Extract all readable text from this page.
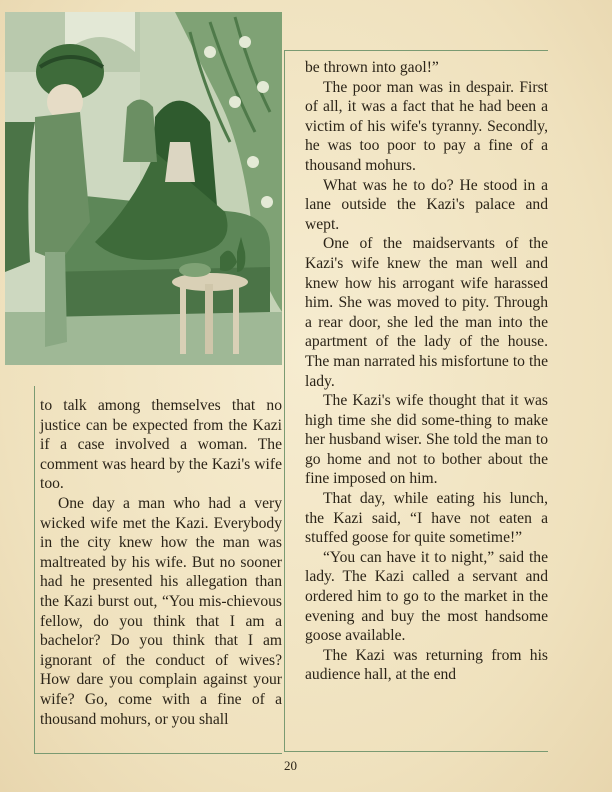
to talk among themselves that no justice can be expected from the Kazi if a case involved a woman. The comment was heard by the Kazi's wife too.

One day a man who had a very wicked wife met the Kazi. Everybody in the city knew how the man was maltreated by his wife. But no sooner had he presented his allegation than the Kazi burst out, “You mis-chievous fellow, do you think that I am a bachelor? Do you think that I am ignorant of the conduct of wives? How dare you complain against your wife? Go, come with a fine of a thousand mohurs, or you shall

be thrown into gaol!”

The poor man was in despair. First of all, it was a fact that he had been a victim of his wife's tyranny. Secondly, he was too poor to pay a fine of a thousand mohurs.

What was he to do? He stood in a lane outside the Kazi's palace and wept.

One of the maidservants of the Kazi's wife knew the man well and knew how his arrogant wife harassed him. She was moved to pity. Through a rear door, she led the man into the apartment of the lady of the house. The man narrated his misfortune to the lady.

The Kazi's wife thought that it was high time she did some-thing to make her husband wiser. She told the man to go home and not to bother about the fine imposed on him.

That day, while eating his lunch, the Kazi said, “I have not eaten a stuffed goose for quite sometime!”

“You can have it to night,” said the lady. The Kazi called a servant and ordered him to go to the market in the evening and buy the most handsome goose available.

The Kazi was returning from his audience hall, at the end

20
